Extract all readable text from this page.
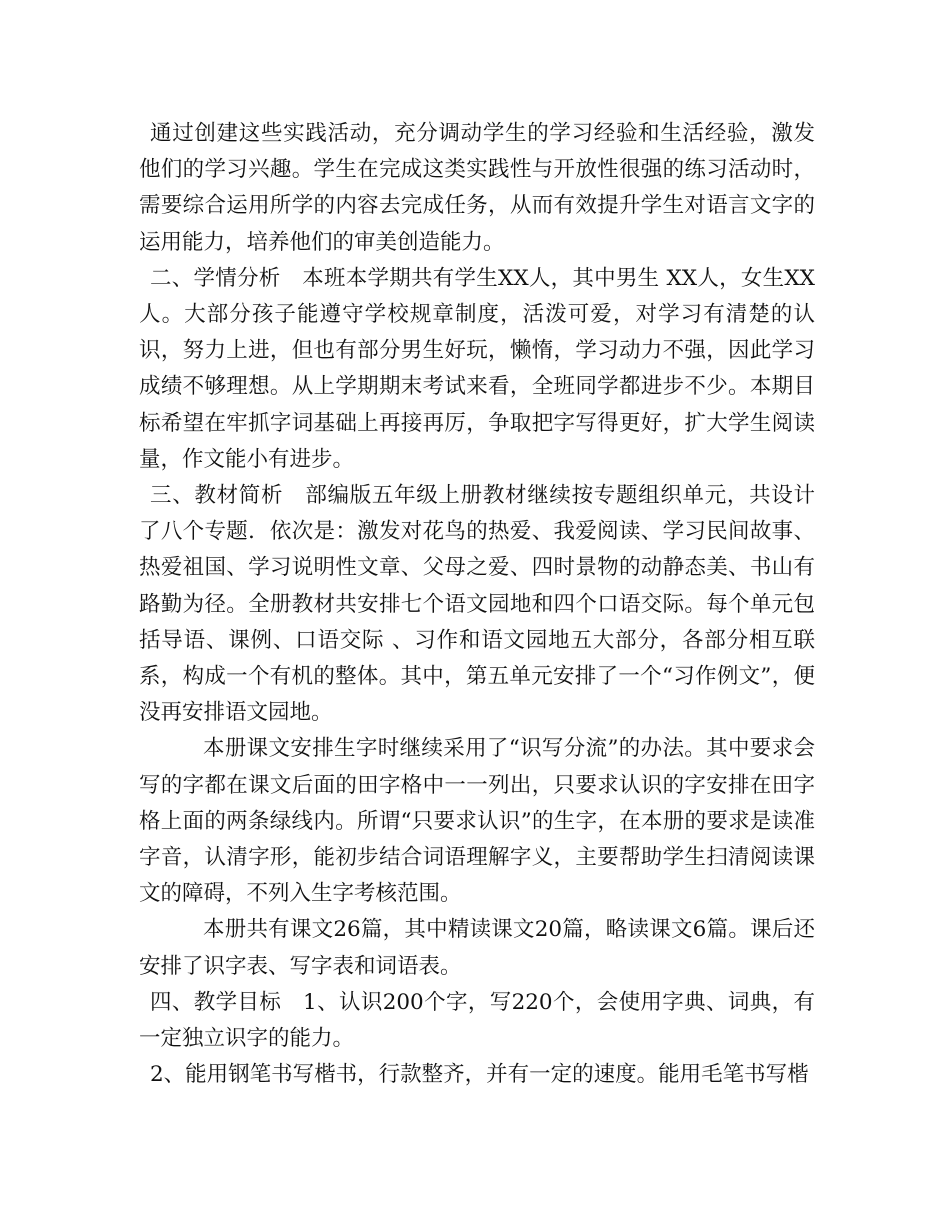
通过创建这些实践活动，充分调动学生的学习经验和生活经验，激发他们的学习兴趣。学生在完成这类实践性与开放性很强的练习活动时，需要综合运用所学的内容去完成任务，从而有效提升学生对语言文字的运用能力，培养他们的审美创造能力。

二、学情分析　本班本学期共有学生XX人，其中男生 XX人，女生XX　人。大部分孩子能遵守学校规章制度，活泼可爱，对学习有清楚的认识，努力上进，但也有部分男生好玩，懒惰，学习动力不强，因此学习成绩不够理想。从上学期期末考试来看，全班同学都进步不少。本期目标希望在牢抓字词基础上再接再厉，争取把字写得更好，扩大学生阅读量，作文能小有进步。

三、教材简析　部编版五年级上册教材继续按专题组织单元，共设计了八个专题．依次是：激发对花鸟的热爱、我爱阅读、学习民间故事、热爱祖国、学习说明性文章、父母之爱、四时景物的动静态美、书山有路勤为径。全册教材共安排七个语文园地和四个口语交际。每个单元包括导语、课例、口语交际 、习作和语文园地五大部分，各部分相互联系，构成一个有机的整体。其中，第五单元安排了一个“习作例文”，便没再安排语文园地。

本册课文安排生字时继续采用了“识写分流”的办法。其中要求会写的字都在课文后面的田字格中一一列出，只要求认识的字安排在田字格上面的两条绿线内。所谓“只要求认识”的生字，在本册的要求是读准字音，认清字形，能初步结合词语理解字义，主要帮助学生扫清阅读课文的障碍，不列入生字考核范围。

本册共有课文26篇，其中精读课文20篇，略读课文6篇。课后还安排了识字表、写字表和词语表。

四、教学目标　1、认识200个字，写220个，会使用字典、词典，有一定独立识字的能力。

2、能用钢笔书写楷书，行款整齐，并有一定的速度。能用毛笔书写楷
